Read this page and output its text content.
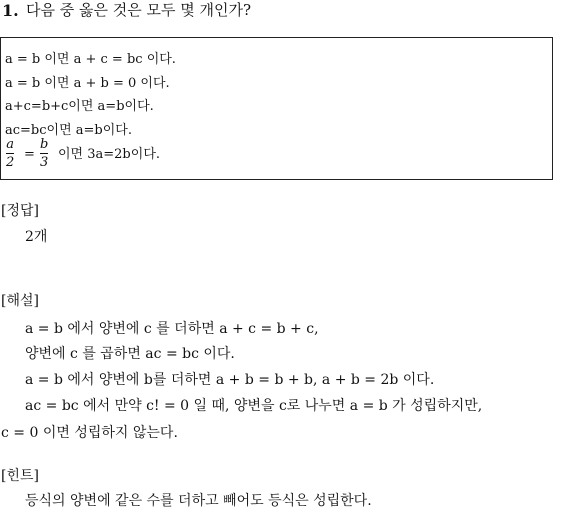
1. 다음 중 옳은 것은 모두 몇 개인가?
a = b 이면 a + c = bc 이다.
a = b 이면 a + b = 0 이다.
a+c=b+c이면 a=b이다.
ac=bc이면 a=b이다.
a
2
=
b
3
이면 3a=2b이다.
[정답]
2개
[해설]
a = b 에서 양변에 c 를 더하면 a + c = b + c,
양변에 c 를 곱하면 ac = bc 이다.
a = b 에서 양변에 b를 더하면 a + b = b + b, a + b = 2b 이다.
ac = bc 에서 만약 c! = 0 일 때, 양변을 c로 나누면 a = b 가 성립하지만,
c = 0 이면 성립하지 않는다.
[힌트]
등식의 양변에 같은 수를 더하고 빼어도 등식은 성립한다.
